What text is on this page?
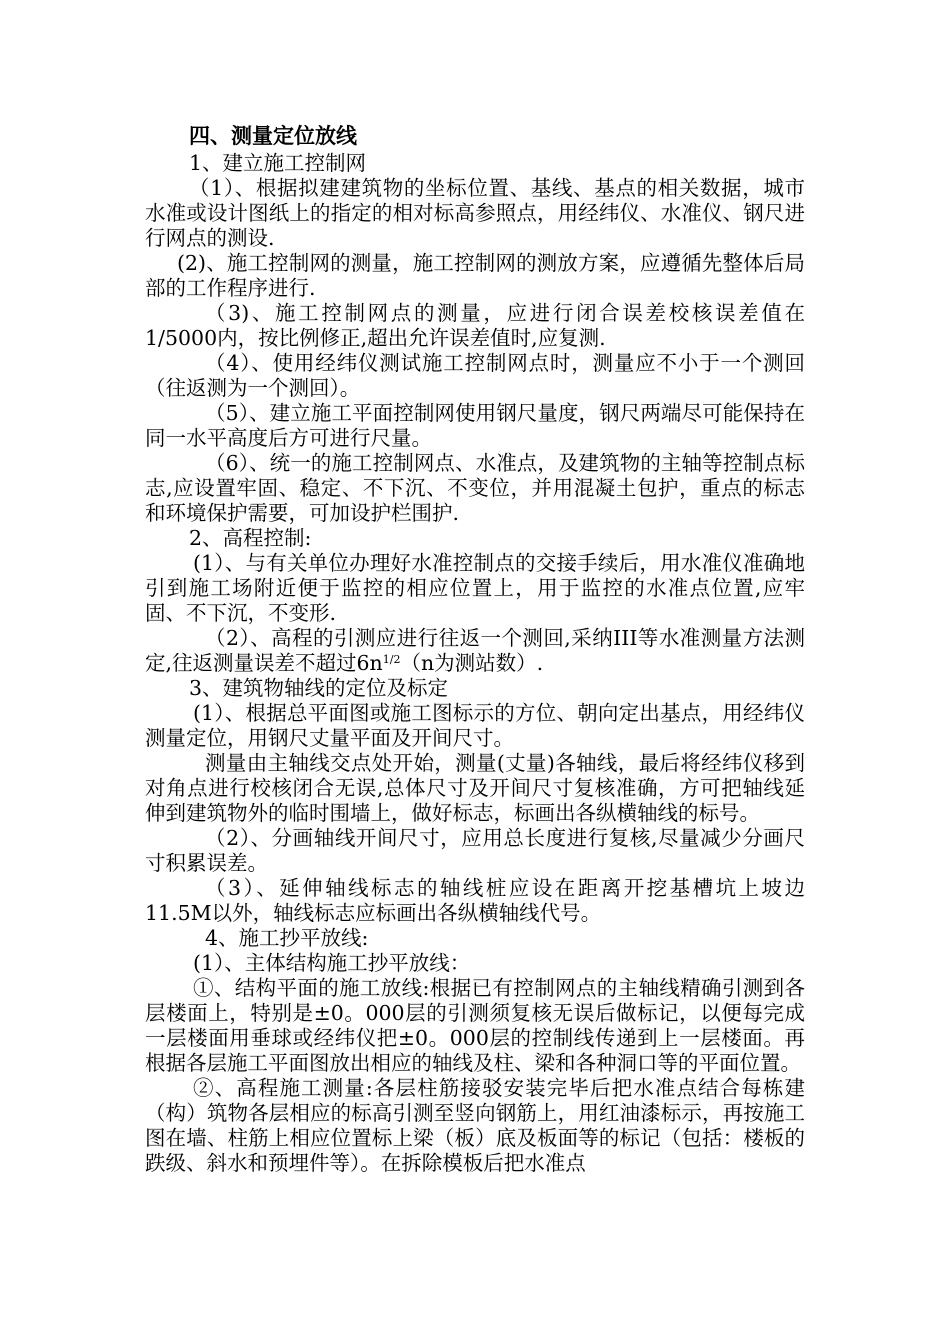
四、测量定位放线

1、建立施工控制网

（1）、根据拟建建筑物的坐标位置、基线、基点的相关数据，城市水准或设计图纸上的指定的相对标高参照点，用经纬仪、水准仪、钢尺进行网点的测设.

(2)、施工控制网的测量，施工控制网的测放方案，应遵循先整体后局部的工作程序进行.

（3)、施工控制网点的测量，应进行闭合误差校核误差值在1/5000内，按比例修正,超出允许误差值时,应复测.

（4）、使用经纬仪测试施工控制网点时，测量应不小于一个测回（往返测为一个测回）。

（5）、建立施工平面控制网使用钢尺量度，钢尺两端尽可能保持在同一水平高度后方可进行尺量。

（6）、统一的施工控制网点、水准点，及建筑物的主轴等控制点标志,应设置牢固、稳定、不下沉、不变位，并用混凝土包护，重点的标志和环境保护需要，可加设护栏围护.

2、高程控制:

(1）、与有关单位办理好水准控制点的交接手续后，用水准仪准确地引到施工场附近便于监控的相应位置上，用于监控的水准点位置,应牢固、不下沉，不变形.

（2）、高程的引测应进行往返一个测回,采纳III等水准测量方法测定,往返测量误差不超过$6n^{1/2}(n$为测站数）.

3、建筑物轴线的定位及标定

(1）、根据总平面图或施工图标示的方位、朝向定出基点，用经纬仪测量定位，用钢尺丈量平面及开间尺寸。

测量由主轴线交点处开始，测量(丈量)各轴线，最后将经纬仪移到对角点进行校核闭合无误,总体尺寸及开间尺寸复核准确，方可把轴线延伸到建筑物外的临时围墙上，做好标志，标画出各纵横轴线的标号。

（2）、分画轴线开间尺寸，应用总长度进行复核,尽量减少分画尺寸积累误差。

（3）、延伸轴线标志的轴线桩应设在距离开挖基槽坑上坡边11.5M以外，轴线标志应标画出各纵横轴线代号。

4、施工抄平放线:

(1）、主体结构施工抄平放线：

①、结构平面的施工放线:根据已有控制网点的主轴线精确引测到各层楼面上，特别是±0。000层的引测须复核无误后做标记，以便每完成一层楼面用垂球或经纬仪把±0。000层的控制线传递到上一层楼面。再根据各层施工平面图放出相应的轴线及柱、梁和各种洞口等的平面位置。

②、高程施工测量:各层柱筋接驳安装完毕后把水准点结合每栋建（构）筑物各层相应的标高引测至竖向钢筋上，用红油漆标示，再按施工图在墙、柱筋上相应位置标上梁（板）底及板面等的标记（包括：楼板的跌级、斜水和预埋件等）。在拆除模板后把水准点
